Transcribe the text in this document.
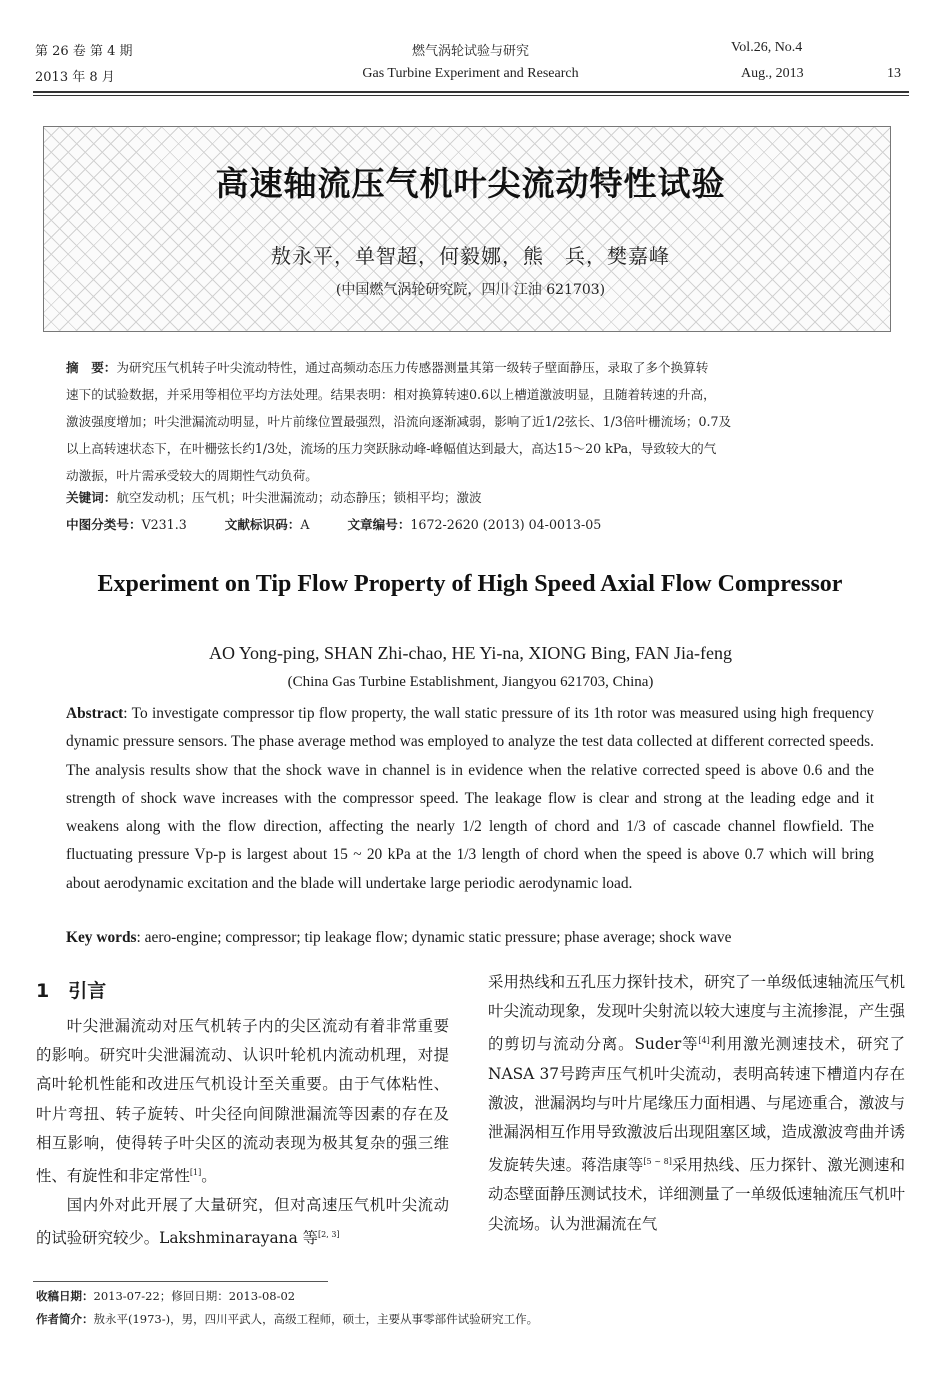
第 26 卷 第 4 期
2013 年 8 月
燃气涡轮试验与研究
Gas Turbine Experiment and Research
Vol.26, No.4
Aug., 2013	13
高速轴流压气机叶尖流动特性试验
敖永平，单智超，何毅娜，熊　兵，樊嘉峰
(中国燃气涡轮研究院，四川 江油 621703)
摘　要：为研究压气机转子叶尖流动特性，通过高频动态压力传感器测量其第一级转子壁面静压，录取了多个换算转
速下的试验数据，并采用等相位平均方法处理。结果表明：相对换算转速0.6以上槽道激波明显，且随着转速的升高，
激波强度增加；叶尖泄漏流动明显，叶片前缘位置最强烈，沿流向逐渐减弱，影响了近1/2弦长、1/3倍叶栅流场；0.7及
以上高转速状态下，在叶栅弦长约1/3处，流场的压力突跃脉动峰-峰幅值达到最大，高达15～20 kPa，导致较大的气
动激振，叶片需承受较大的周期性气动负荷。
关键词：航空发动机；压气机；叶尖泄漏流动；动态静压；锁相平均；激波
中图分类号：V231.3	文献标识码：A	文章编号：1672-2620 (2013) 04-0013-05
Experiment on Tip Flow Property of High Speed Axial Flow Compressor
AO Yong-ping, SHAN Zhi-chao, HE Yi-na, XIONG Bing, FAN Jia-feng
(China Gas Turbine Establishment, Jiangyou 621703, China)
Abstract: To investigate compressor tip flow property, the wall static pressure of its 1th rotor was measured using high frequency dynamic pressure sensors. The phase average method was employed to analyze the test data collected at different corrected speeds. The analysis results show that the shock wave in channel is in evidence when the relative corrected speed is above 0.6 and the strength of shock wave increases with the compressor speed. The leakage flow is clear and strong at the leading edge and it weakens along with the flow direction, affecting the nearly 1/2 length of chord and 1/3 of cascade channel flowfield. The fluctuating pressure Vp-p is largest about 15 ~ 20 kPa at the 1/3 length of chord when the speed is above 0.7 which will bring about aerodynamic excitation and the blade will undertake large periodic aerodynamic load.
Key words: aero-engine; compressor; tip leakage flow; dynamic static pressure; phase average; shock wave
1　引言

叶尖泄漏流动对压气机转子内的尖区流动有着非常重要的影响。研究叶尖泄漏流动、认识叶轮机内流动机理，对提高叶轮机性能和改进压气机设计至关重要。由于气体粘性、叶片弯扭、转子旋转、叶尖径向间隙泄漏流等因素的存在及相互影响，使得转子叶尖区的流动表现为极其复杂的强三维性、有旋性和非定常性[1]。

国内外对此开展了大量研究，但对高速压气机叶尖流动的试验研究较少。Lakshminarayana 等[2, 3]

采用热线和五孔压力探针技术，研究了一单级低速轴流压气机叶尖流动现象，发现叶尖射流以较大速度与主流掺混，产生强的剪切与流动分离。Suder等[4]利用激光测速技术，研究了 NASA 37号跨声压气机叶尖流动，表明高转速下槽道内存在激波，泄漏涡均与叶片尾缘压力面相遇、与尾迹重合，激波与泄漏涡相互作用导致激波后出现阻塞区域，造成激波弯曲并诱发旋转失速。蒋浩康等[5 ~ 8]采用热线、压力探针、激光测速和动态壁面静压测试技术，详细测量了一单级低速轴流压气机叶尖流场。认为泄漏流在气

收稿日期：2013-07-22；修回日期：2013-08-02
作者简介：敖永平(1973-)，男，四川平武人，高级工程师，硕士，主要从事零部件试验研究工作。
